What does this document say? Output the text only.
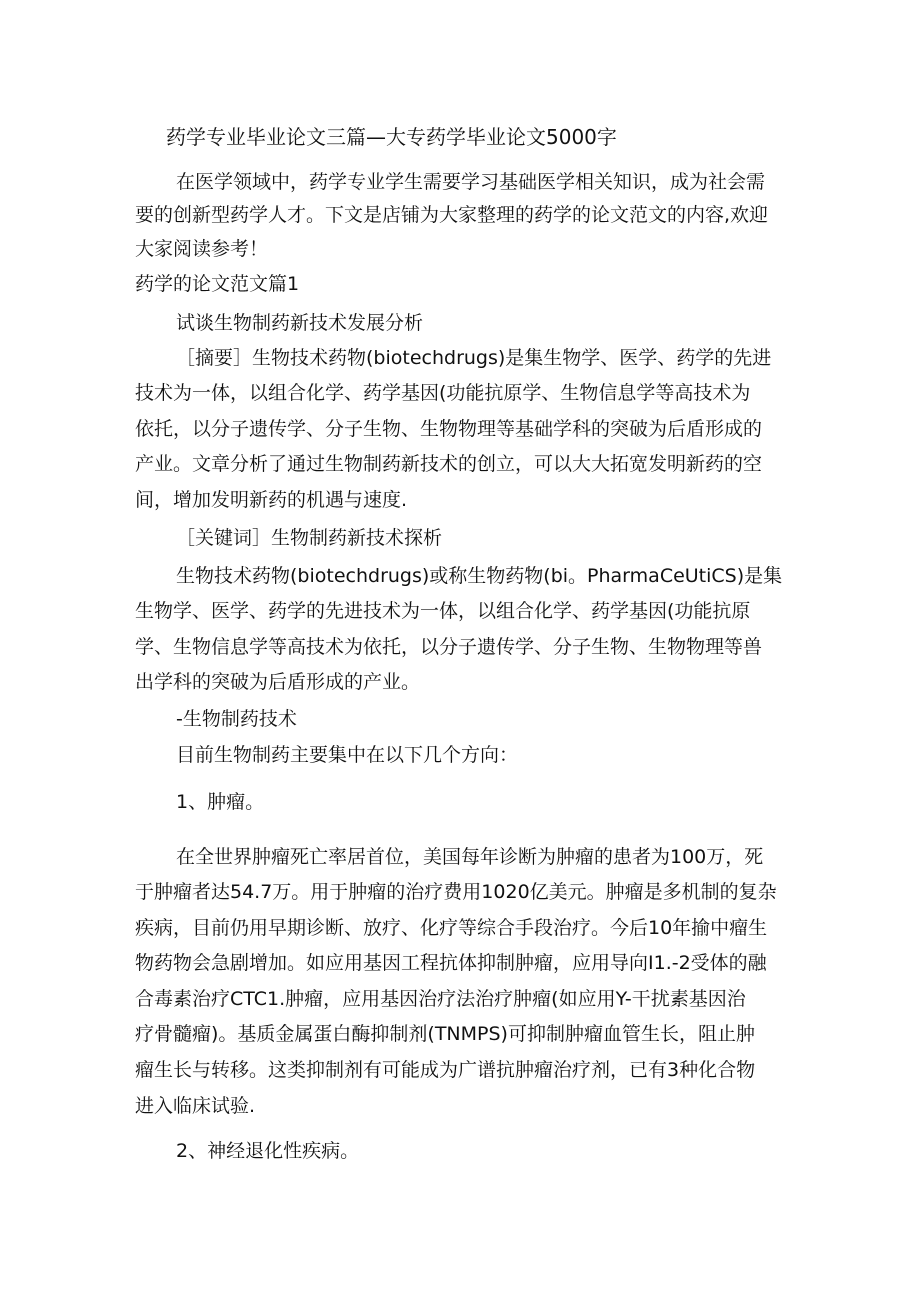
药学专业毕业论文三篇—大专药学毕业论文5000字

在医学领域中，药学专业学生需要学习基础医学相关知识，成为社会需

要的创新型药学人才。下文是店铺为大家整理的药学的论文范文的内容,欢迎

大家阅读参考！

药学的论文范文篇1

试谈生物制药新技术发展分析

［摘要］生物技术药物(biotechdrugs)是集生物学、医学、药学的先进

技术为一体，以组合化学、药学基因(功能抗原学、生物信息学等高技术为

依托，以分子遗传学、分子生物、生物物理等基础学科的突破为后盾形成的

产业。文章分析了通过生物制药新技术的创立，可以大大拓宽发明新药的空

间，增加发明新药的机遇与速度.

［关键词］生物制药新技术探析

生物技术药物(biotechdrugs)或称生物药物(bi。PharmaCeUtiCS)是集

生物学、医学、药学的先进技术为一体，以组合化学、药学基因(功能抗原

学、生物信息学等高技术为依托，以分子遗传学、分子生物、生物物理等兽

出学科的突破为后盾形成的产业。

-生物制药技术

目前生物制药主要集中在以下几个方向：

1、肿瘤。

在全世界肿瘤死亡率居首位，美国每年诊断为肿瘤的患者为100万，死

于肿瘤者达54.7万。用于肿瘤的治疗费用1020亿美元。肿瘤是多机制的复杂

疾病，目前仍用早期诊断、放疗、化疗等综合手段治疗。今后10年揄中瘤生

物药物会急剧增加。如应用基因工程抗体抑制肿瘤，应用导向I1.-2受体的融

合毒素治疗CTC1.肿瘤，应用基因治疗法治疗肿瘤(如应用Y-干扰素基因治

疗骨髓瘤)。基质金属蛋白酶抑制剂(TNMPS)可抑制肿瘤血管生长，阻止肿

瘤生长与转移。这类抑制剂有可能成为广谱抗肿瘤治疗剂，已有3种化合物

进入临床试验.

2、神经退化性疾病。
